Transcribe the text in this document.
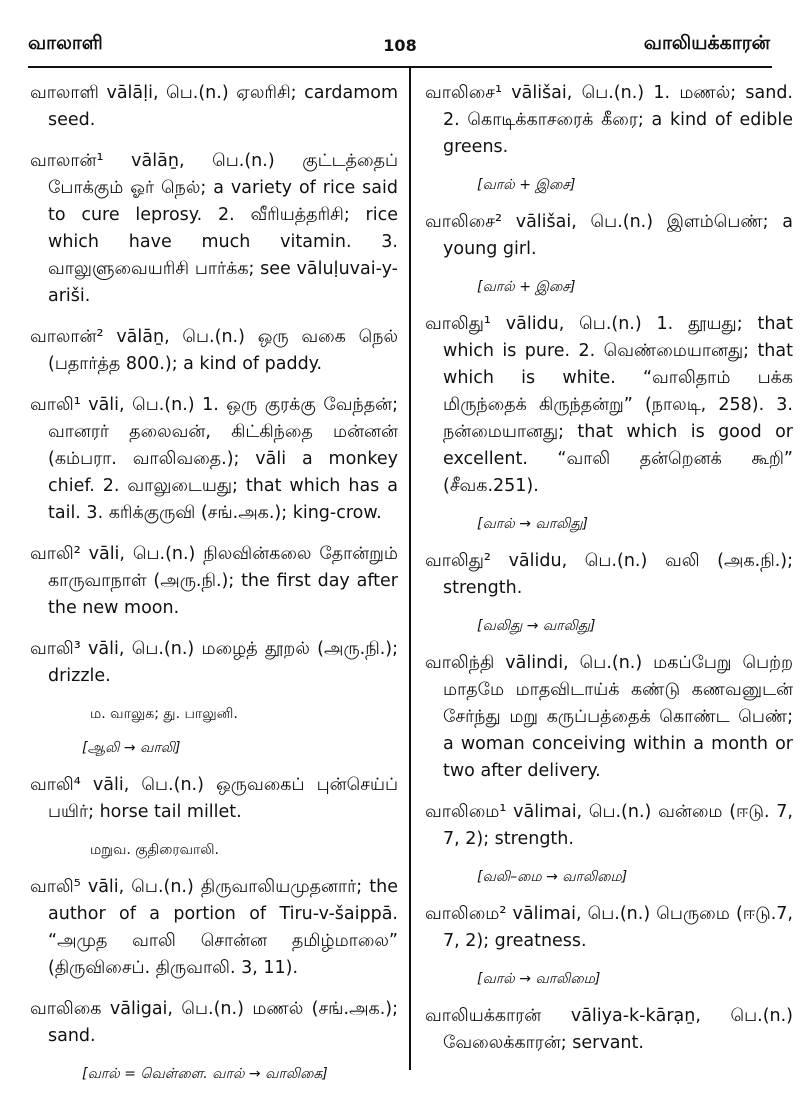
வாலாளி	108	வாலியக்காரன்
வாலாளி vālāḷi, பெ.(n.) ஏலரிசி; cardamom seed.
வாலான்¹ vālāṉ, பெ.(n.) குட்டத்தைப் போக்கும் ஓர் நெல்; a variety of rice said to cure leprosy. 2. வீரியத்தரிசி; rice which have much vitamin. 3. வாலுளுவையரிசி பார்க்க; see vāluḷuvai-y-ariši.
வாலான்² vālāṉ, பெ.(n.) ஒரு வகை நெல் (பதார்த்த 800.); a kind of paddy.
வாலி¹ vāli, பெ.(n.) 1. ஒரு குரக்கு வேந்தன்; வானரர் தலைவன், கிட்கிந்தை மன்னன் (கம்பரா. வாலிவதை.); vāli a monkey chief. 2. வாலுடையது; that which has a tail. 3. கரிக்குருவி (சங்.அக.); king-crow.
வாலி² vāli, பெ.(n.) நிலவின்கலை தோன்றும் காருவாநாள் (அரு.நி.); the first day after the new moon.
வாலி³ vāli, பெ.(n.) மழைத் தூறல் (அரு.நி.); drizzle.
ம. வாலுக; து. பாலுனி.
[ஆலி → வாலி]
வாலி⁴ vāli, பெ.(n.) ஒருவகைப் புன்செய்ப் பயிர்; horse tail millet.
மறுவ. குதிரைவாலி.
வாலி⁵ vāli, பெ.(n.) திருவாலியமுதனார்; the author of a portion of Tiru-v-šaippā. “அமுத வாலி சொன்ன தமிழ்மாலை” (திருவிசைப். திருவாலி. 3, 11).
வாலிகை vāligai, பெ.(n.) மணல் (சங்.அக.); sand.
[வால் = வெள்ளை. வால் → வாலிகை]
வாலிசை¹ vālišai, பெ.(n.) 1. மணல்; sand. 2. கொடிக்காசரைக் கீரை; a kind of edible greens.
[வால் + இசை]
வாலிசை² vālišai, பெ.(n.) இளம்பெண்; a young girl.
[வால் + இசை]
வாலிது¹ vālidu, பெ.(n.) 1. தூயது; that which is pure. 2. வெண்மையானது; that which is white. “வாலிதாம் பக்க மிருந்தைக் கிருந்தன்று” (நாலடி, 258). 3. நன்மையானது; that which is good or excellent. “வாலி தன்றெனக் கூறி” (சீவக.251).
[வால் → வாலிது]
வாலிது² vālidu, பெ.(n.) வலி (அக.நி.); strength.
[வலிது → வாலிது]
வாலிந்தி vālindi, பெ.(n.) மகப்பேறு பெற்ற மாதமே மாதவிடாய்க் கண்டு கணவனுடன் சேர்ந்து மறு கருப்பத்தைக் கொண்ட பெண்; a woman conceiving within a month or two after delivery.
வாலிமை¹ vālimai, பெ.(n.) வன்மை (ஈடு. 7, 7, 2); strength.
[வலி–மை → வாலிமை]
வாலிமை² vālimai, பெ.(n.) பெருமை (ஈடு.7, 7, 2); greatness.
[வால் → வாலிமை]
வாலியக்காரன் vāliya-k-kārạṉ, பெ.(n.) வேலைக்காரன்; servant.
